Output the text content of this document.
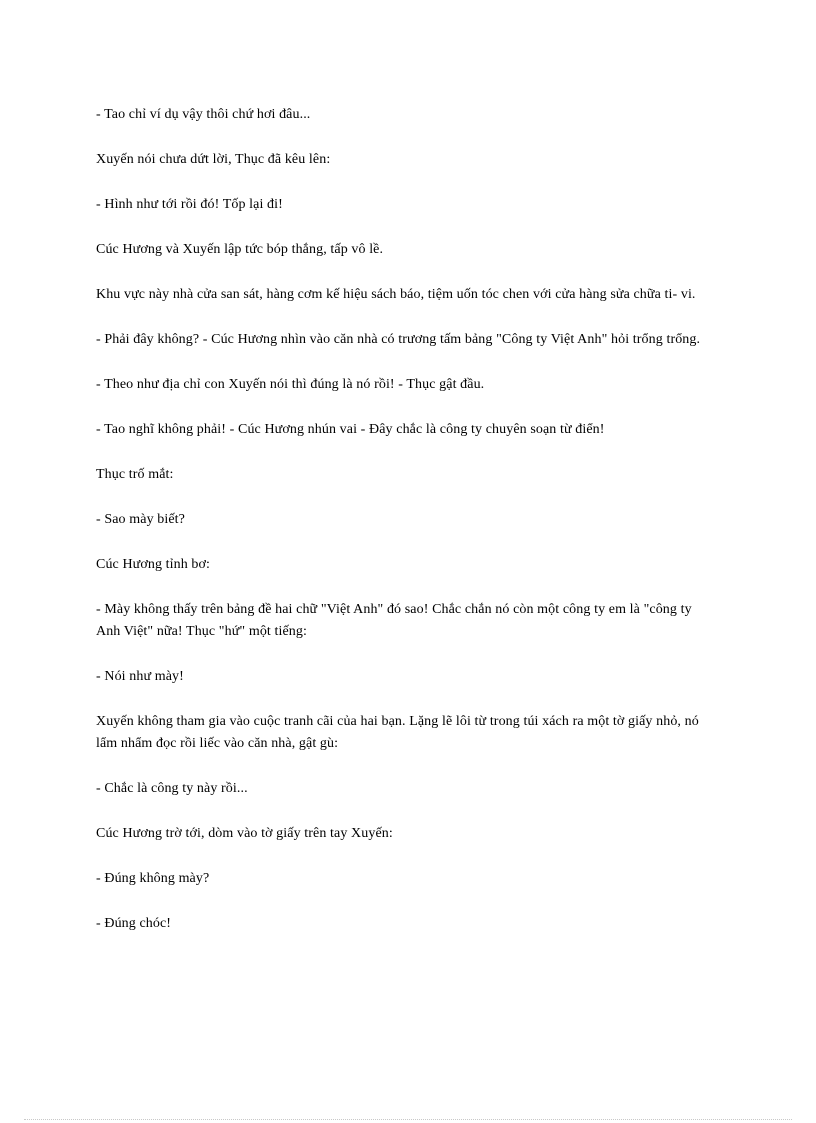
- Tao chỉ ví dụ vậy thôi chứ hơi đâu...

Xuyến nói chưa dứt lời, Thục đã kêu lên:

- Hình như tới rồi đó! Tốp lại đi!

Cúc Hương và Xuyến lập tức bóp thắng, tấp vô lề.

Khu vực này nhà cửa san sát, hàng cơm kế hiệu sách báo, tiệm uốn tóc chen với cửa hàng sửa chữa ti- vi.

- Phải đây không? - Cúc Hương nhìn vào căn nhà có trương tấm bảng "Công ty Việt Anh" hỏi trổng trổng.

- Theo như địa chỉ con Xuyến nói thì đúng là nó rồi! - Thục gật đầu.

- Tao nghĩ không phải! - Cúc Hương nhún vai - Đây chắc là công ty chuyên soạn từ điển!

Thục trố mắt:

- Sao mày biết?

Cúc Hương tỉnh bơ:

- Mày không thấy trên bảng đề hai chữ "Việt Anh" đó sao! Chắc chắn nó còn một công ty em là "công ty Anh Việt" nữa! Thục "hứ" một tiếng:

- Nói như mày!

Xuyến không tham gia vào cuộc tranh cãi của hai bạn. Lặng lẽ lôi từ trong túi xách ra một tờ giấy nhỏ, nó lẩm nhẩm đọc rồi liếc vào căn nhà, gật gù:

- Chắc là công ty này rồi...

Cúc Hương trờ tới, dòm vào tờ giấy trên tay Xuyến:

- Đúng không mày?

- Đúng chóc!
